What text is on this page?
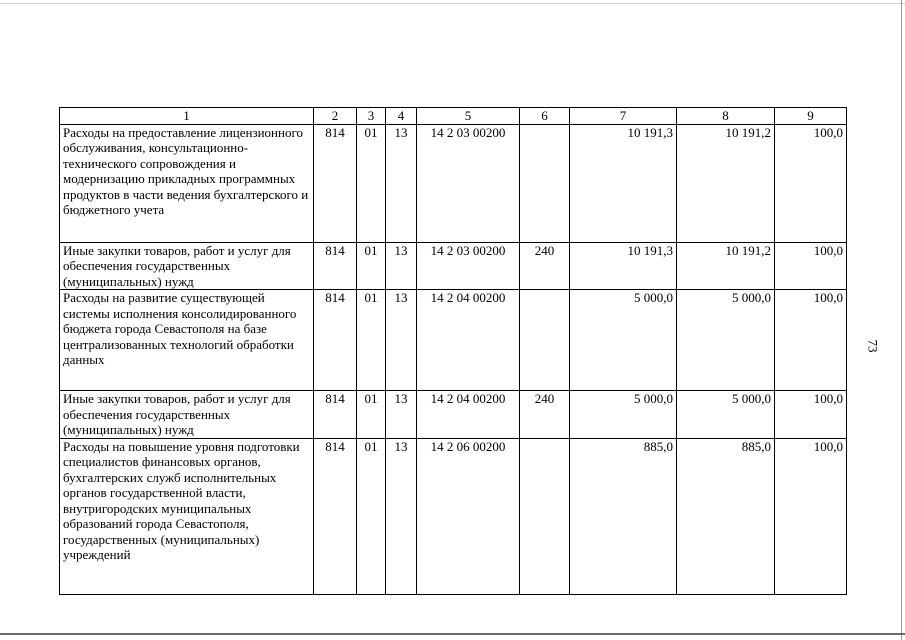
73
1	2	3	4	5	6	7	8	9
Расходы на предоставление лицензионного обслуживания, консультационно-технического сопровождения и модернизацию прикладных программных продуктов в части ведения бухгалтерского и бюджетного учета	814	01	13	14 2 03 00200		10 191,3	10 191,2	100,0
Иные закупки товаров, работ и услуг для обеспечения государственных (муниципальных) нужд	814	01	13	14 2 03 00200	240	10 191,3	10 191,2	100,0
Расходы на развитие существующей системы исполнения консолидированного бюджета города Севастополя на базе централизованных технологий обработки данных	814	01	13	14 2 04 00200		5 000,0	5 000,0	100,0
Иные закупки товаров, работ и услуг для обеспечения государственных (муниципальных) нужд	814	01	13	14 2 04 00200	240	5 000,0	5 000,0	100,0
Расходы на повышение уровня подготовки специалистов финансовых органов, бухгалтерских служб исполнительных органов государственной власти, внутригородских муниципальных образований города Севастополя, государственных (муниципальных) учреждений	814	01	13	14 2 06 00200		885,0	885,0	100,0
